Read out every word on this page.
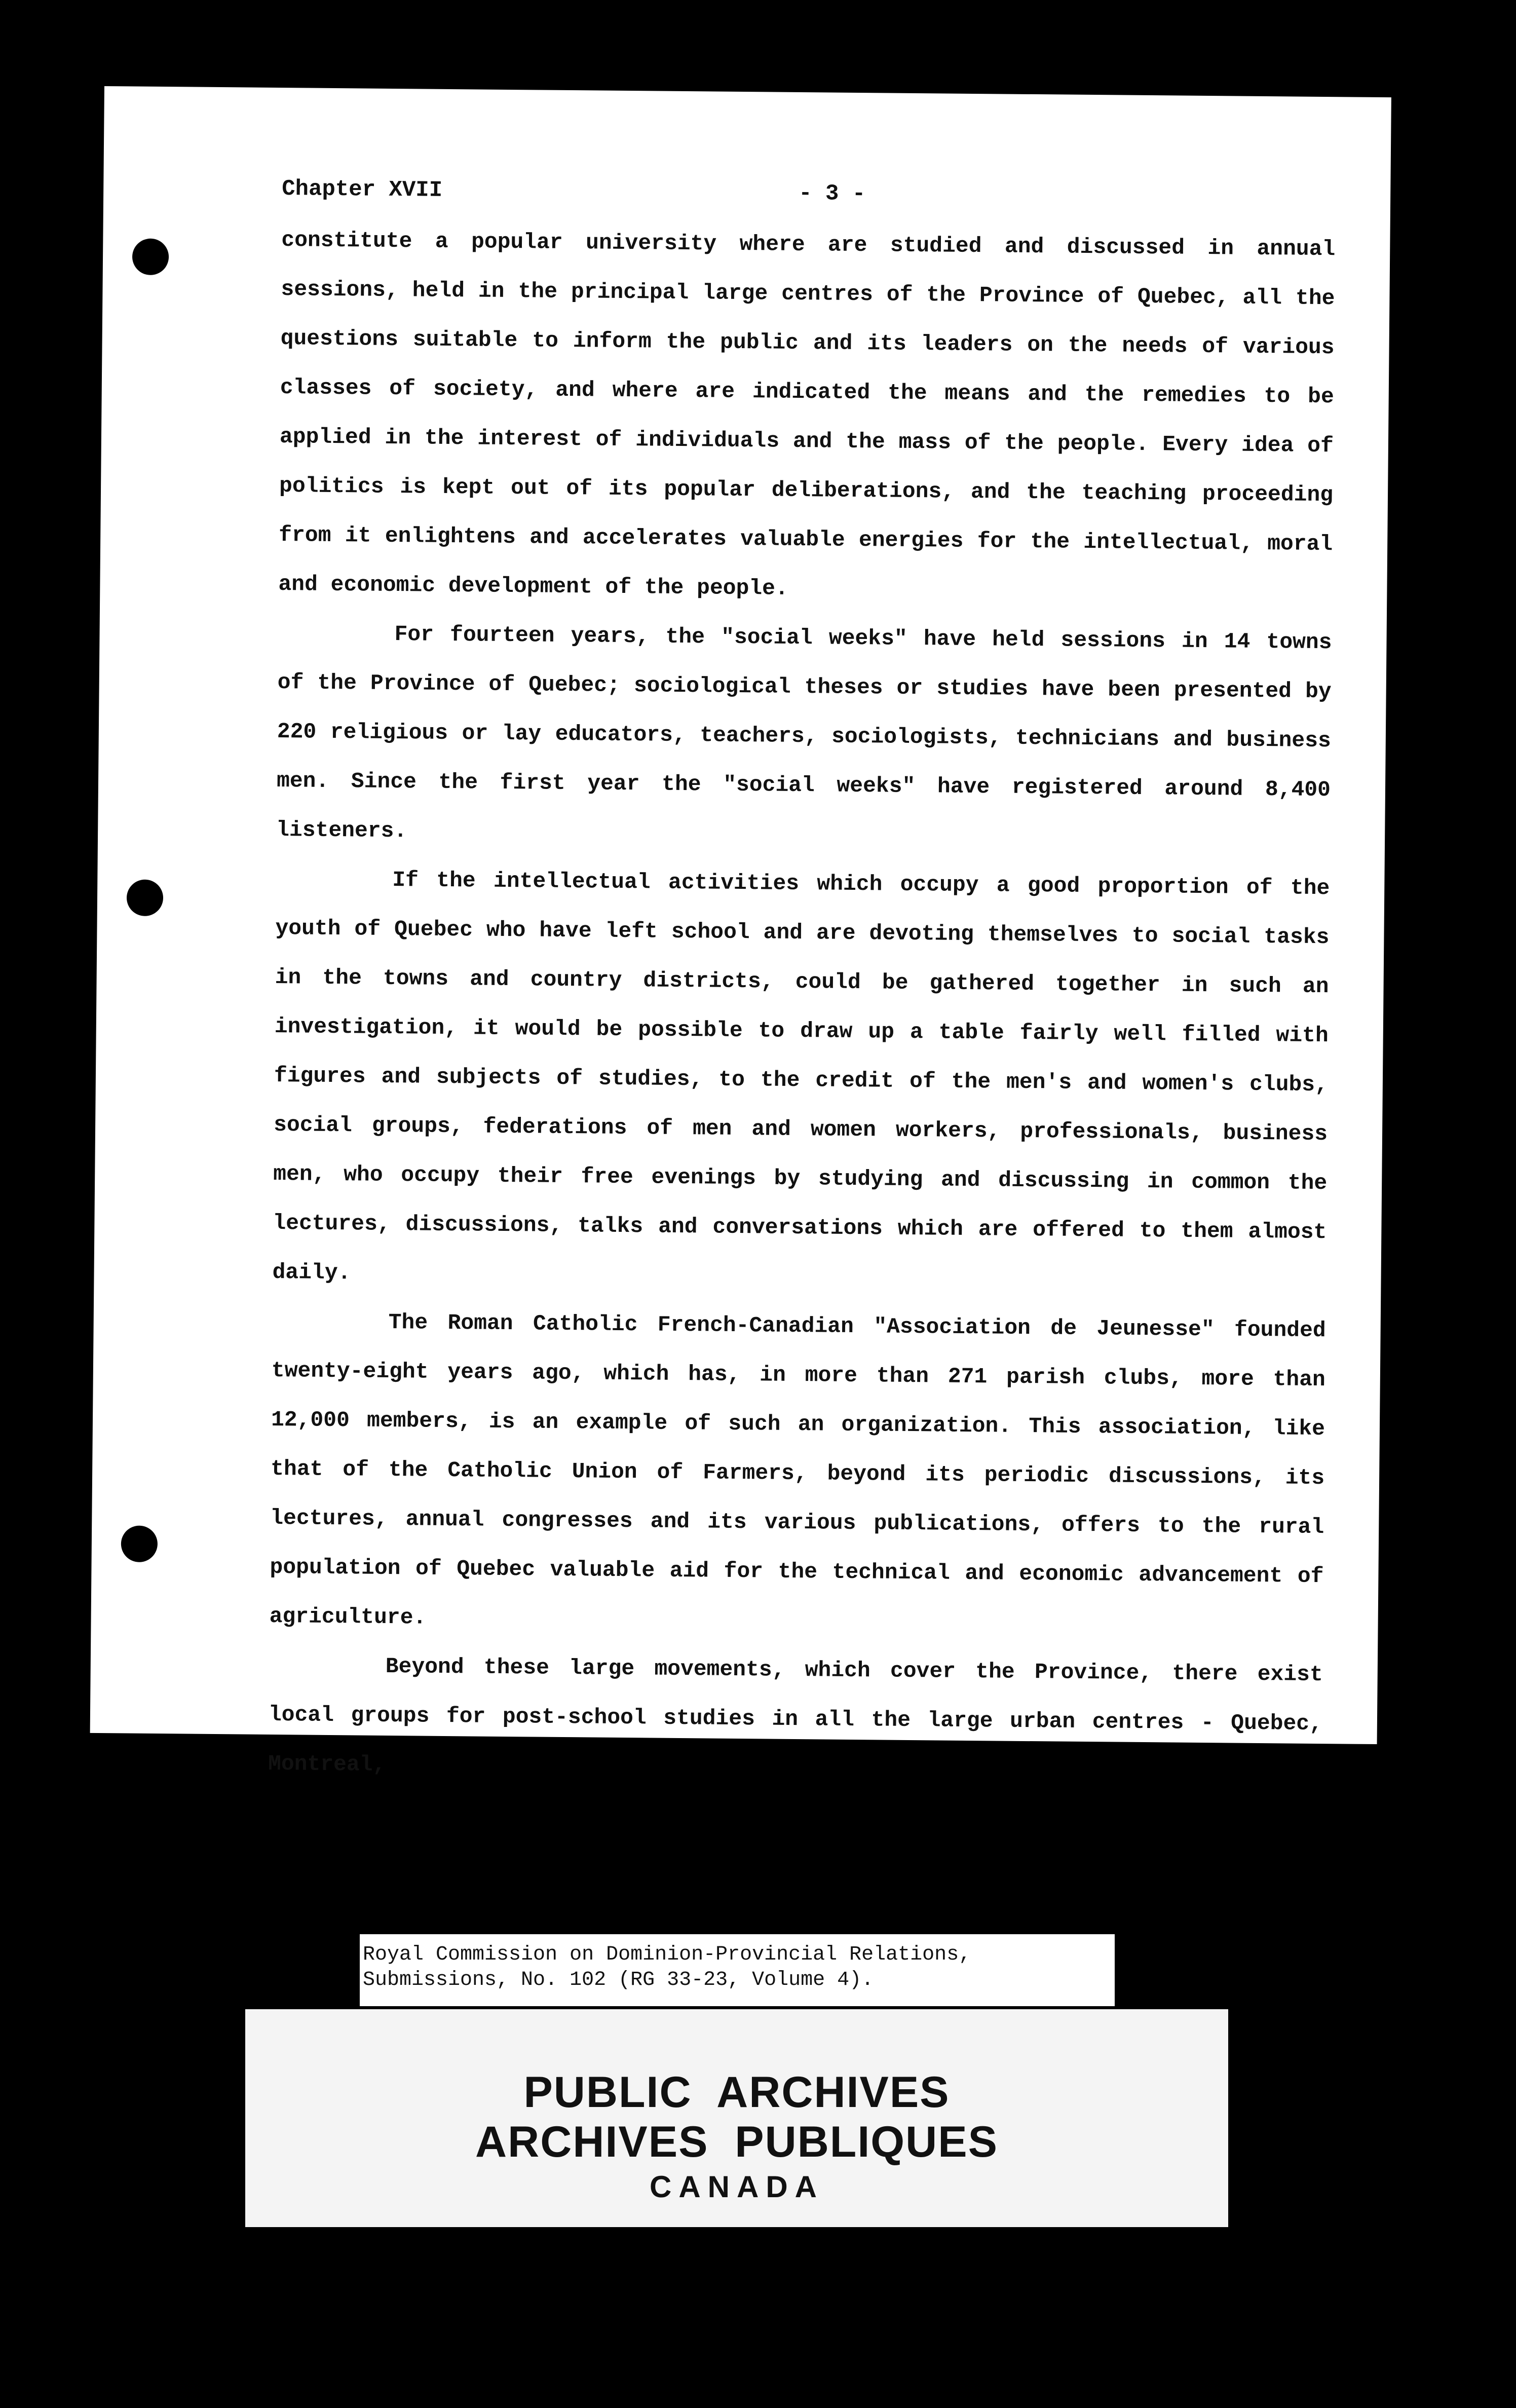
Chapter XVII	- 3 -

constitute a popular university where are studied and discussed in annual sessions, held in the principal large centres of the Province of Quebec, all the questions suitable to inform the public and its leaders on the needs of various classes of society, and where are indicated the means and the remedies to be applied in the interest of individuals and the mass of the people. Every idea of politics is kept out of its popular deliberations, and the teaching proceeding from it enlightens and accelerates valuable energies for the intellectual, moral and economic development of the people.

For fourteen years, the "social weeks" have held sessions in 14 towns of the Province of Quebec; sociological theses or studies have been presented by 220 religious or lay educators, teachers, sociologists, technicians and business men. Since the first year the "social weeks" have registered around 8,400 listeners.

If the intellectual activities which occupy a good proportion of the youth of Quebec who have left school and are devoting themselves to social tasks in the towns and country districts, could be gathered together in such an investigation, it would be possible to draw up a table fairly well filled with figures and subjects of studies, to the credit of the men's and women's clubs, social groups, federations of men and women workers, professionals, business men, who occupy their free evenings by studying and discussing in common the lectures, discussions, talks and conversations which are offered to them almost daily.

The Roman Catholic French-Canadian "Association de Jeunesse" founded twenty-eight years ago, which has, in more than 271 parish clubs, more than 12,000 members, is an example of such an organization. This association, like that of the Catholic Union of Farmers, beyond its periodic discussions, its lectures, annual congresses and its various publications, offers to the rural population of Quebec valuable aid for the technical and economic advancement of agriculture.

Beyond these large movements, which cover the Province, there exist local groups for post-school studies in all the large urban centres - Quebec, Montreal,

Royal Commission on Dominion-Provincial Relations,
Submissions, No. 102 (RG 33-23, Volume 4).
PUBLIC  ARCHIVES
ARCHIVES  PUBLIQUES
CANADA
